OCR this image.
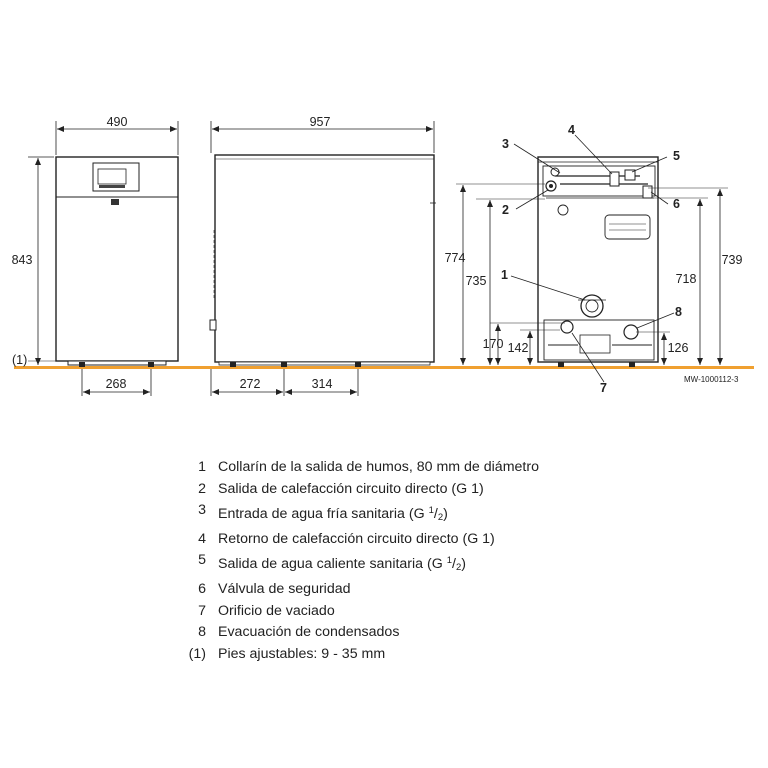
(1)
490
843
268
957
272	314
774
735
739
718
170 142	126
3
2
4
5
6
1
8
7
MW-1000112-3
1 Collarín de la salida de humos, 80 mm de diámetro
2 Salida de calefacción circuito directo (G 1)
3 Entrada de agua fría sanitaria (G $^1$/2)
4 Retorno de calefacción circuito directo (G 1)
5 Salida de agua caliente sanitaria (G $^1$/2)
6 Válvula de seguridad
7 Orificio de vaciado
8 Evacuación de condensados
(1) Pies ajustables: 9 - 35 mm
